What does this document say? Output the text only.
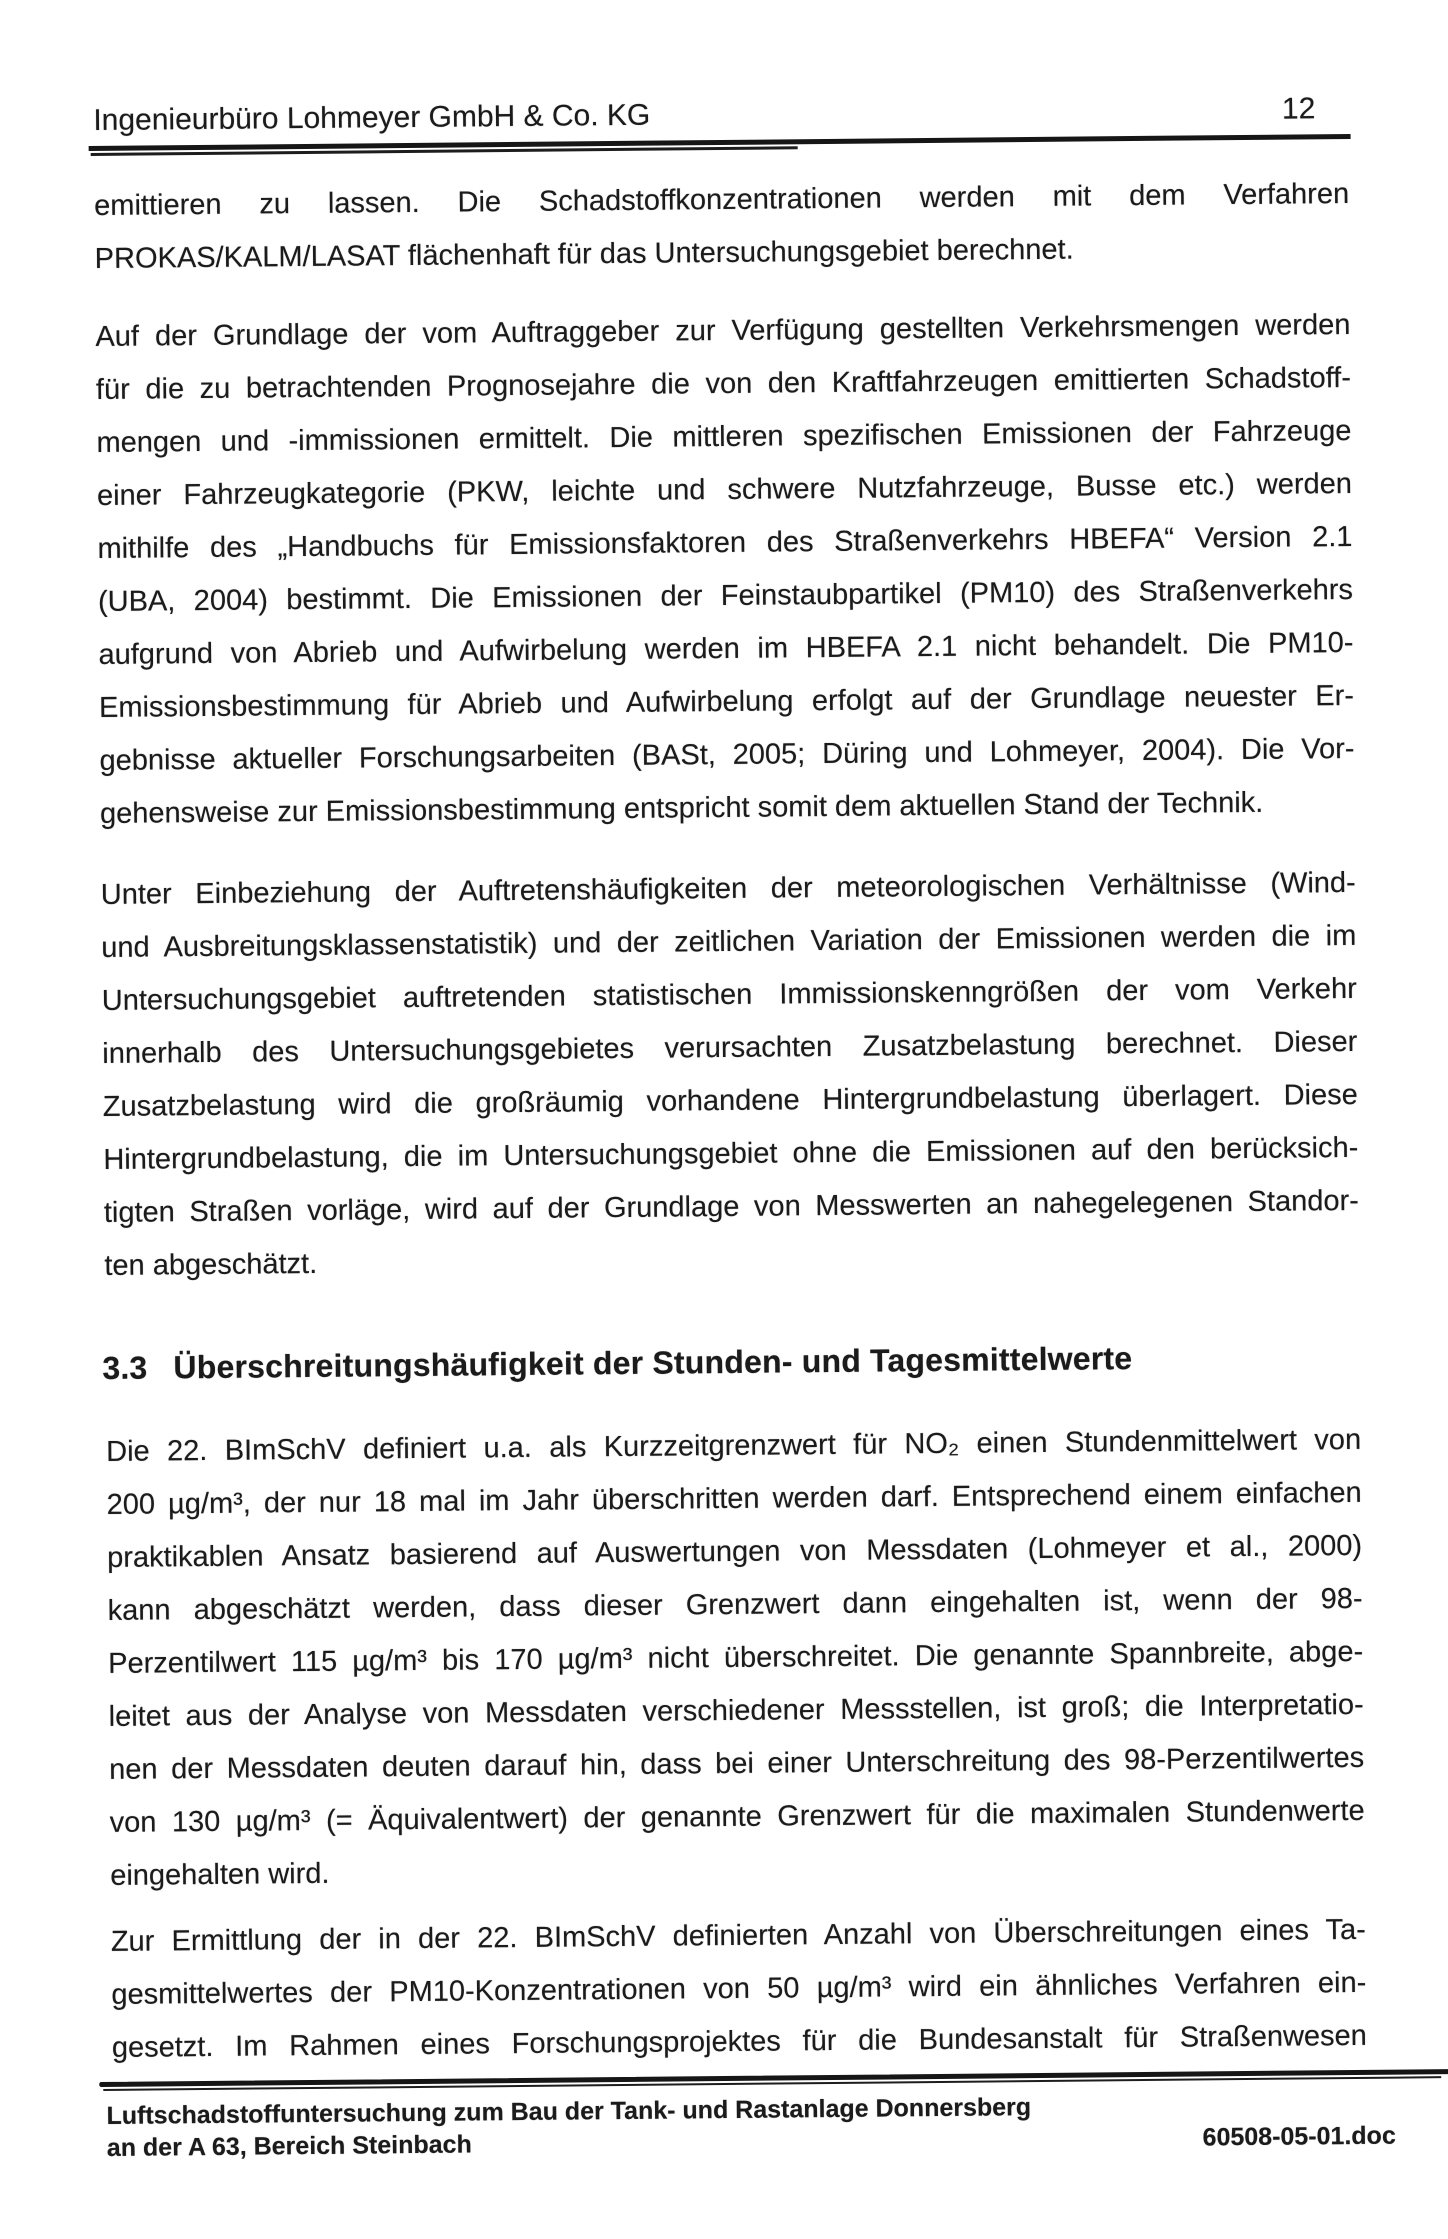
Ingenieurbüro Lohmeyer GmbH & Co. KG	12
emittieren zu lassen. Die Schadstoffkonzentrationen werden mit dem Verfahren
PROKAS/KALM/LASAT flächenhaft für das Untersuchungsgebiet berechnet.
Auf der Grundlage der vom Auftraggeber zur Verfügung gestellten Verkehrsmengen werden
für die zu betrachtenden Prognosejahre die von den Kraftfahrzeugen emittierten Schadstoff-
mengen und -immissionen ermittelt. Die mittleren spezifischen Emissionen der Fahrzeuge
einer Fahrzeugkategorie (PKW, leichte und schwere Nutzfahrzeuge, Busse etc.) werden
mithilfe des „Handbuchs für Emissionsfaktoren des Straßenverkehrs HBEFA“ Version 2.1
(UBA, 2004) bestimmt. Die Emissionen der Feinstaubpartikel (PM10) des Straßenverkehrs
aufgrund von Abrieb und Aufwirbelung werden im HBEFA 2.1 nicht behandelt. Die PM10-
Emissionsbestimmung für Abrieb und Aufwirbelung erfolgt auf der Grundlage neuester Er-
gebnisse aktueller Forschungsarbeiten (BASt, 2005; Düring und Lohmeyer, 2004). Die Vor-
gehensweise zur Emissionsbestimmung entspricht somit dem aktuellen Stand der Technik.
Unter Einbeziehung der Auftretenshäufigkeiten der meteorologischen Verhältnisse (Wind-
und Ausbreitungsklassenstatistik) und der zeitlichen Variation der Emissionen werden die im
Untersuchungsgebiet auftretenden statistischen Immissionskenngrößen der vom Verkehr
innerhalb des Untersuchungsgebietes verursachten Zusatzbelastung berechnet. Dieser
Zusatzbelastung wird die großräumig vorhandene Hintergrundbelastung überlagert. Diese
Hintergrundbelastung, die im Untersuchungsgebiet ohne die Emissionen auf den berücksich-
tigten Straßen vorläge, wird auf der Grundlage von Messwerten an nahegelegenen Standor-
ten abgeschätzt.
3.3 Überschreitungshäufigkeit der Stunden- und Tagesmittelwerte
Die 22. BImSchV definiert u.a. als Kurzzeitgrenzwert für NO₂ einen Stundenmittelwert von
200 µg/m³, der nur 18 mal im Jahr überschritten werden darf. Entsprechend einem einfachen
praktikablen Ansatz basierend auf Auswertungen von Messdaten (Lohmeyer et al., 2000)
kann abgeschätzt werden, dass dieser Grenzwert dann eingehalten ist, wenn der 98-
Perzentilwert 115 µg/m³ bis 170 µg/m³ nicht überschreitet. Die genannte Spannbreite, abge-
leitet aus der Analyse von Messdaten verschiedener Messstellen, ist groß; die Interpretatio-
nen der Messdaten deuten darauf hin, dass bei einer Unterschreitung des 98-Perzentilwertes
von 130 µg/m³ (= Äquivalentwert) der genannte Grenzwert für die maximalen Stundenwerte
eingehalten wird.
Zur Ermittlung der in der 22. BImSchV definierten Anzahl von Überschreitungen eines Ta-
gesmittelwertes der PM10-Konzentrationen von 50 µg/m³ wird ein ähnliches Verfahren ein-
gesetzt. Im Rahmen eines Forschungsprojektes für die Bundesanstalt für Straßenwesen
Luftschadstoffuntersuchung zum Bau der Tank- und Rastanlage Donnersberg
an der A 63, Bereich Steinbach	60508-05-01.doc
